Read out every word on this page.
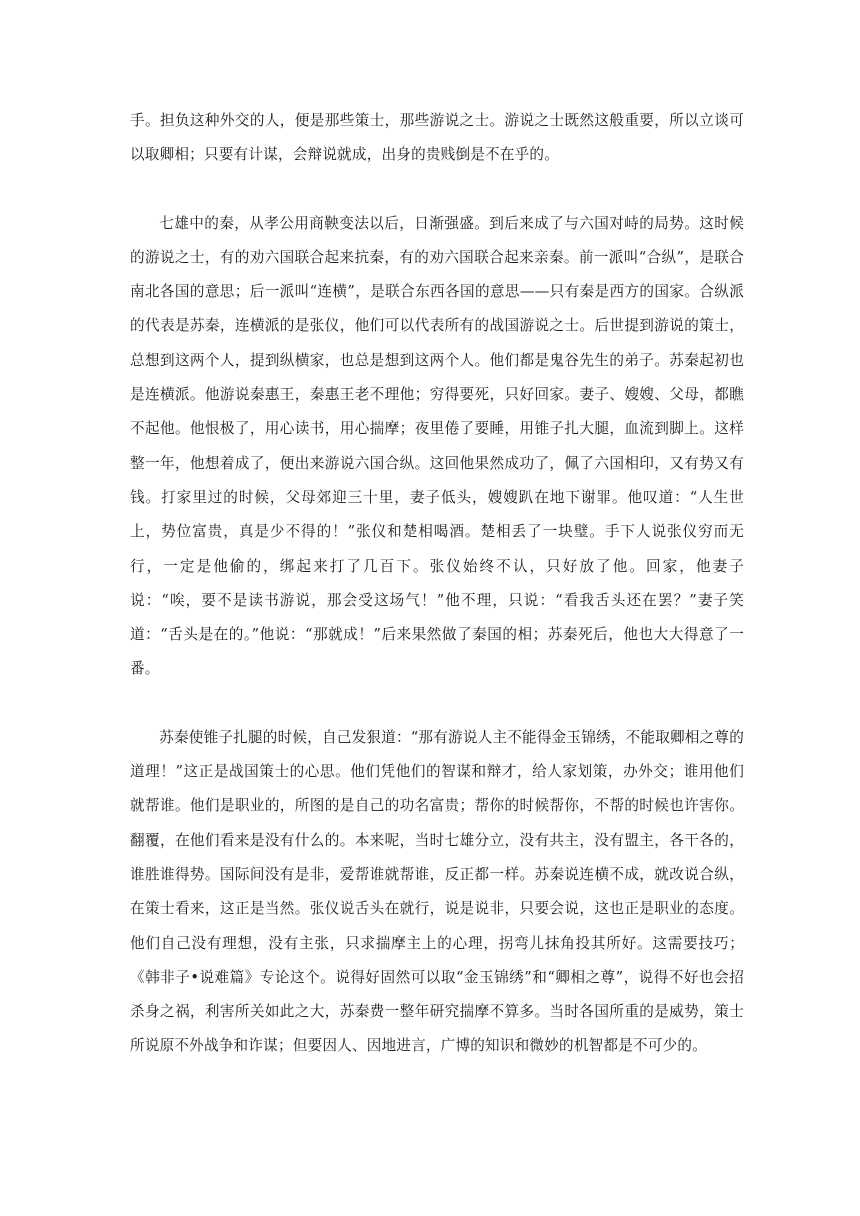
手。担负这种外交的人，便是那些策士，那些游说之士。游说之士既然这般重要，所以立谈可以取卿相；只要有计谋，会辩说就成，出身的贵贱倒是不在乎的。

七雄中的秦，从孝公用商鞅变法以后，日渐强盛。到后来成了与六国对峙的局势。这时候的游说之士，有的劝六国联合起来抗秦，有的劝六国联合起来亲秦。前一派叫“合纵”，是联合南北各国的意思；后一派叫“连横”，是联合东西各国的意思——只有秦是西方的国家。合纵派的代表是苏秦，连横派的是张仪，他们可以代表所有的战国游说之士。后世提到游说的策士，总想到这两个人，提到纵横家，也总是想到这两个人。他们都是鬼谷先生的弟子。苏秦起初也是连横派。他游说秦惠王，秦惠王老不理他；穷得要死，只好回家。妻子、嫂嫂、父母，都瞧不起他。他恨极了，用心读书，用心揣摩；夜里倦了要睡，用锥子扎大腿，血流到脚上。这样整一年，他想着成了，便出来游说六国合纵。这回他果然成功了，佩了六国相印，又有势又有钱。打家里过的时候，父母郊迎三十里，妻子低头，嫂嫂趴在地下谢罪。他叹道：“人生世上，势位富贵，真是少不得的！”张仪和楚相喝酒。楚相丢了一块璧。手下人说张仪穷而无行，一定是他偷的，绑起来打了几百下。张仪始终不认，只好放了他。回家，他妻子说：“唉，要不是读书游说，那会受这场气！”他不理，只说：“看我舌头还在罢？”妻子笑道：“舌头是在的。”他说：“那就成！”后来果然做了秦国的相；苏秦死后，他也大大得意了一番。

苏秦使锥子扎腿的时候，自己发狠道：“那有游说人主不能得金玉锦绣，不能取卿相之尊的道理！”这正是战国策士的心思。他们凭他们的智谋和辩才，给人家划策，办外交；谁用他们就帮谁。他们是职业的，所图的是自己的功名富贵；帮你的时候帮你，不帮的时候也许害你。翻覆，在他们看来是没有什么的。本来呢，当时七雄分立，没有共主，没有盟主，各干各的，谁胜谁得势。国际间没有是非，爱帮谁就帮谁，反正都一样。苏秦说连横不成，就改说合纵，在策士看来，这正是当然。张仪说舌头在就行，说是说非，只要会说，这也正是职业的态度。他们自己没有理想，没有主张，只求揣摩主上的心理，拐弯儿抹角投其所好。这需要技巧；《韩非子•说难篇》专论这个。说得好固然可以取“金玉锦绣”和“卿相之尊”，说得不好也会招杀身之祸，利害所关如此之大，苏秦费一整年研究揣摩不算多。当时各国所重的是威势，策士所说原不外战争和诈谋；但要因人、因地进言，广博的知识和微妙的机智都是不可少的。
